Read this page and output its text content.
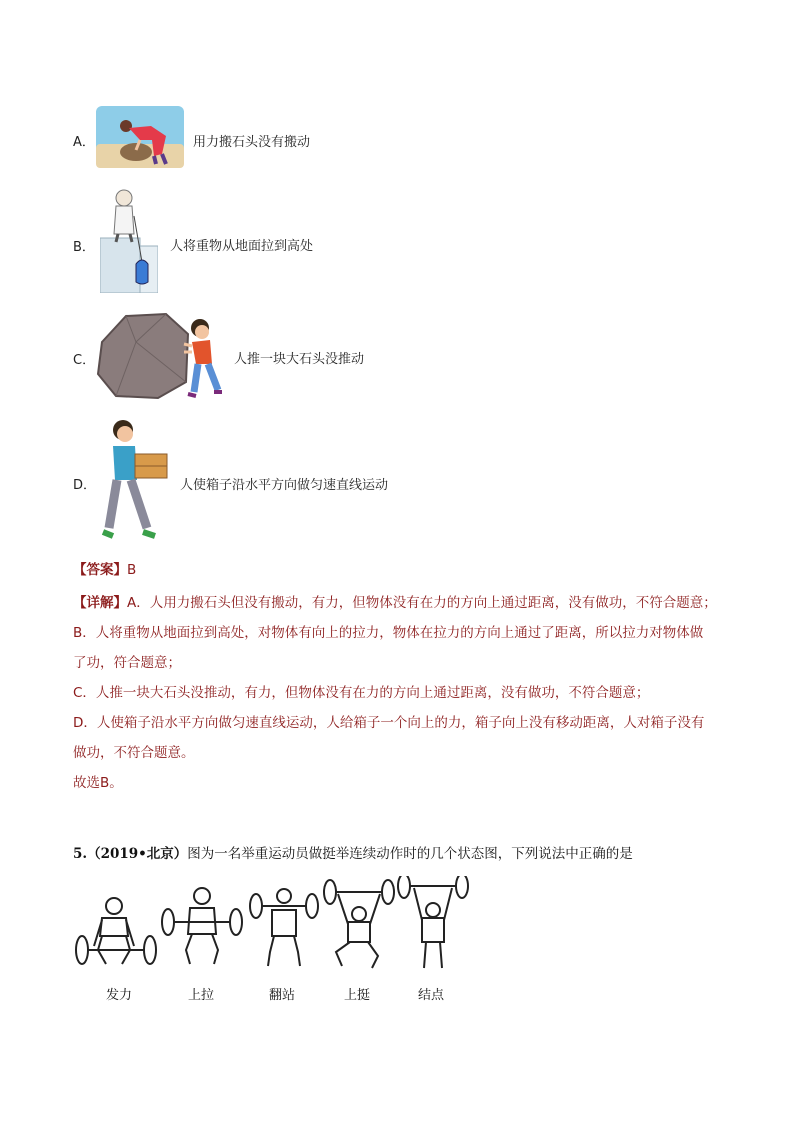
A．	用力搬石头没有搬动
B．	人将重物从地面拉到高处
C．	人推一块大石头没推动
D．	人使箱子沿水平方向做匀速直线运动
【答案】B
【详解】A．人用力搬石头但没有搬动，有力，但物体没有在力的方向上通过距离，没有做功，不符合题意；
B．人将重物从地面拉到高处，对物体有向上的拉力，物体在拉力的方向上通过了距离，所以拉力对物体做
了功，符合题意；
C．人推一块大石头没推动，有力，但物体没有在力的方向上通过距离，没有做功，不符合题意；
D．人使箱子沿水平方向做匀速直线运动，人给箱子一个向上的力，箱子向上没有移动距离，人对箱子没有
做功，不符合题意。
故选B。
5.（2019•北京）图为一名举重运动员做挺举连续动作时的几个状态图，下列说法中正确的是
发力	上拉	翻站	上挺	结点
